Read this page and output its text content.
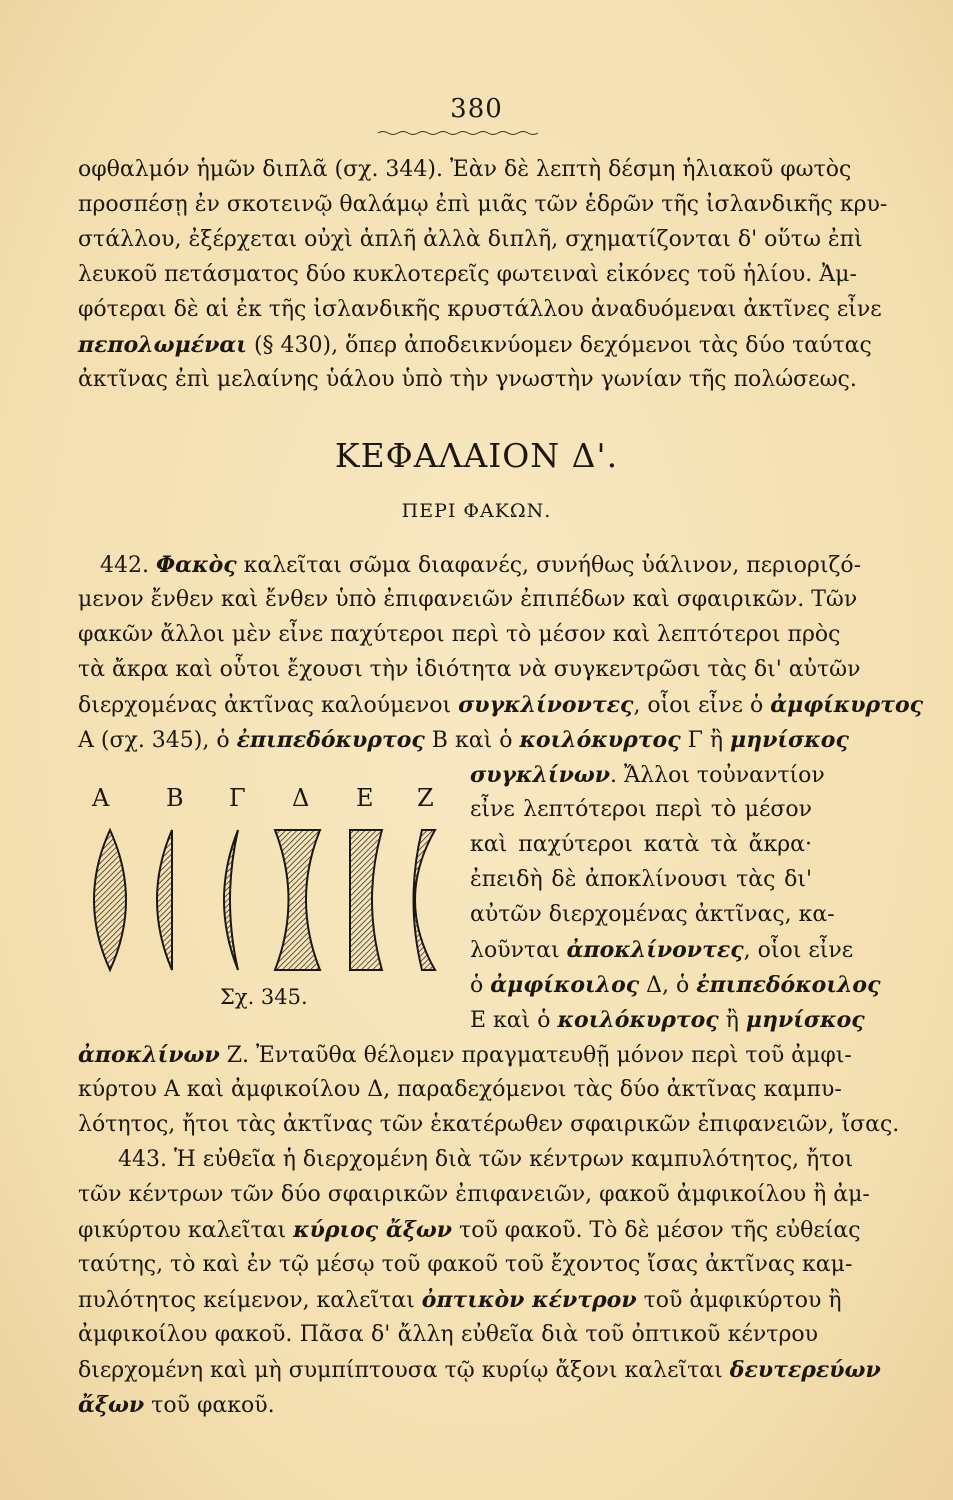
380
οφθαλμόν ἡμῶν διπλᾶ (σχ. 344). Ἐὰν δὲ λεπτὴ δέσμη ἡλιακοῦ φωτὸς
προσπέσῃ ἐν σκοτεινῷ θαλάμῳ ἐπὶ μιᾶς τῶν ἑδρῶν τῆς ἰσλανδικῆς κρυ-
στάλλου, ἐξέρχεται οὐχὶ ἁπλῆ ἀλλὰ διπλῆ, σχηματίζονται δ' οὕτω ἐπὶ
λευκοῦ πετάσματος δύο κυκλοτερεῖς φωτειναὶ εἰκόνες τοῦ ἡλίου. Ἀμ-
φότεραι δὲ αἱ ἐκ τῆς ἰσλανδικῆς κρυστάλλου ἀναδυόμεναι ἀκτῖνες εἶνε
πεπολωμέναι (§ 430), ὅπερ ἀποδεικνύομεν δεχόμενοι τὰς δύο ταύτας
ἀκτῖνας ἐπὶ μελαίνης ὑάλου ὑπὸ τὴν γνωστὴν γωνίαν τῆς πολώσεως.
ΚΕΦΑΛΑΙΟΝ Δ'.
ΠΕΡΙ ΦΑΚΩΝ.
442. Φακὸς καλεῖται σῶμα διαφανές, συνήθως ὑάλινον, περιοριζό-
μενον ἔνθεν καὶ ἔνθεν ὑπὸ ἐπιφανειῶν ἐπιπέδων καὶ σφαιρικῶν. Τῶν
φακῶν ἄλλοι μὲν εἶνε παχύτεροι περὶ τὸ μέσον καὶ λεπτότεροι πρὸς
τὰ ἄκρα καὶ οὗτοι ἔχουσι τὴν ἰδιότητα νὰ συγκεντρῶσι τὰς δι' αὐτῶν
διερχομένας ἀκτῖνας καλούμενοι συγκλίνοντες, οἷοι εἶνε ὁ ἀμφίκυρτος
Α (σχ. 345), ὁ ἐπιπεδόκυρτος Β καὶ ὁ κοιλόκυρτος Γ ἢ μηνίσκος
συγκλίνων. Ἄλλοι τοὐναντίον
εἶνε λεπτότεροι περὶ τὸ μέσον
καὶ παχύτεροι κατὰ τὰ ἄκρα·
ἐπειδὴ δὲ ἀποκλίνουσι τὰς δι'
αὐτῶν διερχομένας ἀκτῖνας, κα-
λοῦνται ἀποκλίνοντες, οἷοι εἶνε
ὁ ἀμφίκοιλος Δ, ὁ ἐπιπεδόκοιλος
Ε καὶ ὁ κοιλόκυρτος ἢ μηνίσκος
Α Β Γ Δ Ε Ζ
Σχ. 345.
ἀποκλίνων Ζ. Ἐνταῦθα θέλομεν πραγματευθῇ μόνον περὶ τοῦ ἀμφι-
κύρτου Α καὶ ἀμφικοίλου Δ, παραδεχόμενοι τὰς δύο ἀκτῖνας καμπυ-
λότητος, ἤτοι τὰς ἀκτῖνας τῶν ἑκατέρωθεν σφαιρικῶν ἐπιφανειῶν, ἴσας.
443. Ἡ εὐθεῖα ἡ διερχομένη διὰ τῶν κέντρων καμπυλότητος, ἤτοι
τῶν κέντρων τῶν δύο σφαιρικῶν ἐπιφανειῶν, φακοῦ ἀμφικοίλου ἢ ἀμ-
φικύρτου καλεῖται κύριος ἄξων τοῦ φακοῦ. Τὸ δὲ μέσον τῆς εὐθείας
ταύτης, τὸ καὶ ἐν τῷ μέσῳ τοῦ φακοῦ τοῦ ἔχοντος ἴσας ἀκτῖνας καμ-
πυλότητος κείμενον, καλεῖται ὀπτικὸν κέντρον τοῦ ἀμφικύρτου ἢ
ἀμφικοίλου φακοῦ. Πᾶσα δ' ἄλλη εὐθεῖα διὰ τοῦ ὀπτικοῦ κέντρου
διερχομένη καὶ μὴ συμπίπτουσα τῷ κυρίῳ ἄξονι καλεῖται δευτερεύων
ἄξων τοῦ φακοῦ.
